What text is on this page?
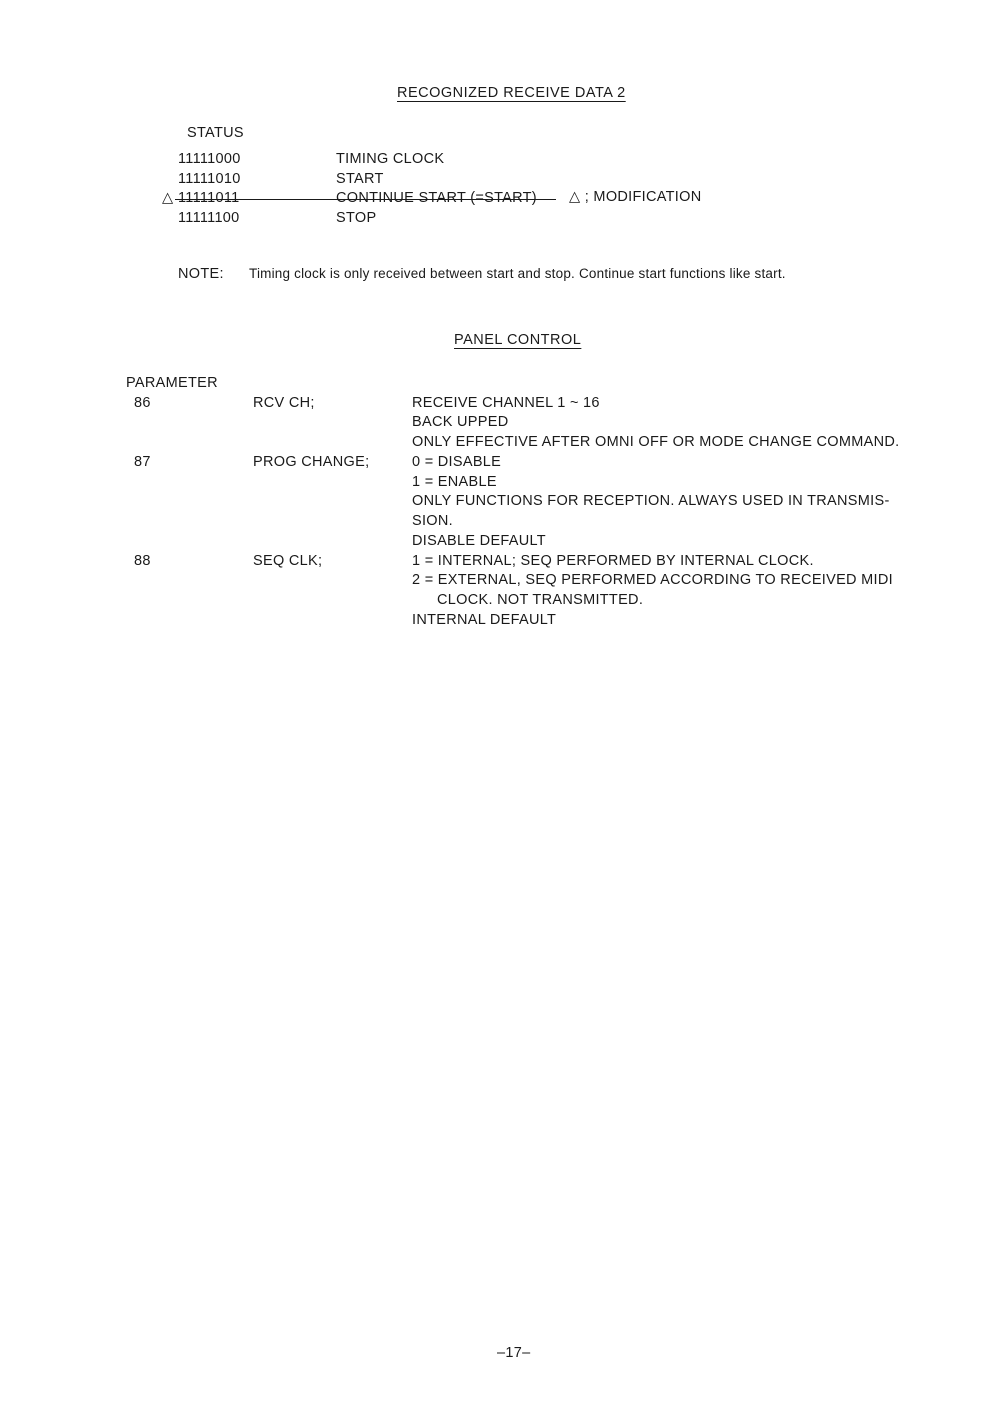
RECOGNIZED RECEIVE DATA 2
STATUS
11111000	TIMING CLOCK
11111010	START
△ 11111011	CONTINUE START (=START) △ ; MODIFICATION
11111100	STOP
NOTE: Timing clock is only received between start and stop. Continue start functions like start.
PANEL CONTROL
PARAMETER
86	RCV CH;	RECEIVE CHANNEL 1 ~ 16
BACK UPPED
ONLY EFFECTIVE AFTER OMNI OFF OR MODE CHANGE COMMAND.
87	PROG CHANGE;	0 = DISABLE
1 = ENABLE
ONLY FUNCTIONS FOR RECEPTION. ALWAYS USED IN TRANSMIS-
SION.
DISABLE DEFAULT
88	SEQ CLK;	1 = INTERNAL; SEQ PERFORMED BY INTERNAL CLOCK.
2 = EXTERNAL, SEQ PERFORMED ACCORDING TO RECEIVED MIDI
CLOCK. NOT TRANSMITTED.
INTERNAL DEFAULT
–17–
